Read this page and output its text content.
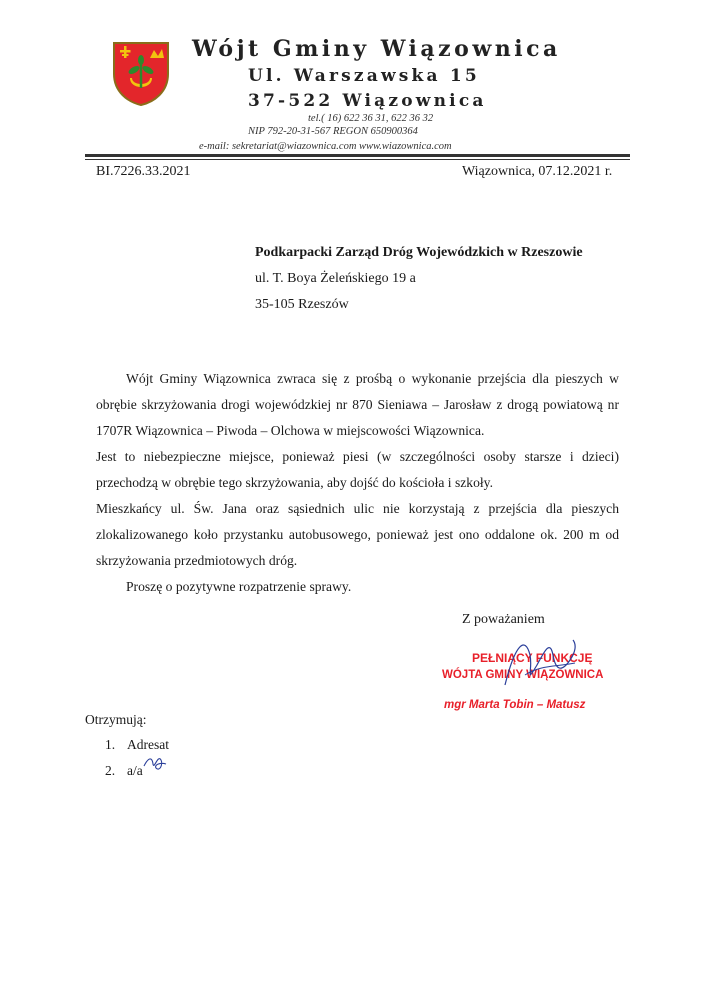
Wójt Gminy Wiązownica
Ul. Warszawska 15
37-522 Wiązownica
tel.( 16) 622 36 31, 622 36 32
NIP 792-20-31-567 REGON 650900364
e-mail: sekretariat@wiazownica.com www.wiazownica.com
BI.7226.33.2021	Wiązownica, 07.12.2021 r.
Podkarpacki Zarząd Dróg Wojewódzkich w Rzeszowie
ul. T. Boya Żeleńskiego 19 a
35-105 Rzeszów

Wójt Gminy Wiązownica zwraca się z prośbą o wykonanie przejścia dla pieszych w obrębie skrzyżowania drogi wojewódzkiej nr 870 Sieniawa – Jarosław z drogą powiatową nr 1707R Wiązownica – Piwoda – Olchowa w miejscowości Wiązownica.

Jest to niebezpieczne miejsce, ponieważ piesi (w szczególności osoby starsze i dzieci) przechodzą w obrębie tego skrzyżowania, aby dojść do kościoła i szkoły.

Mieszkańcy ul. Św. Jana oraz sąsiednich ulic nie korzystają z przejścia dla pieszych zlokalizowanego koło przystanku autobusowego, ponieważ jest ono oddalone ok. 200 m od skrzyżowania przedmiotowych dróg.

Proszę o pozytywne rozpatrzenie sprawy.

Z poważaniem
PEŁNIĄCY FUNKCJĘ
WÓJTA GMINY WIĄZOWNICA
mgr Marta Tobin – Matusz
Otrzymują:
1. Adresat
2. a/a
